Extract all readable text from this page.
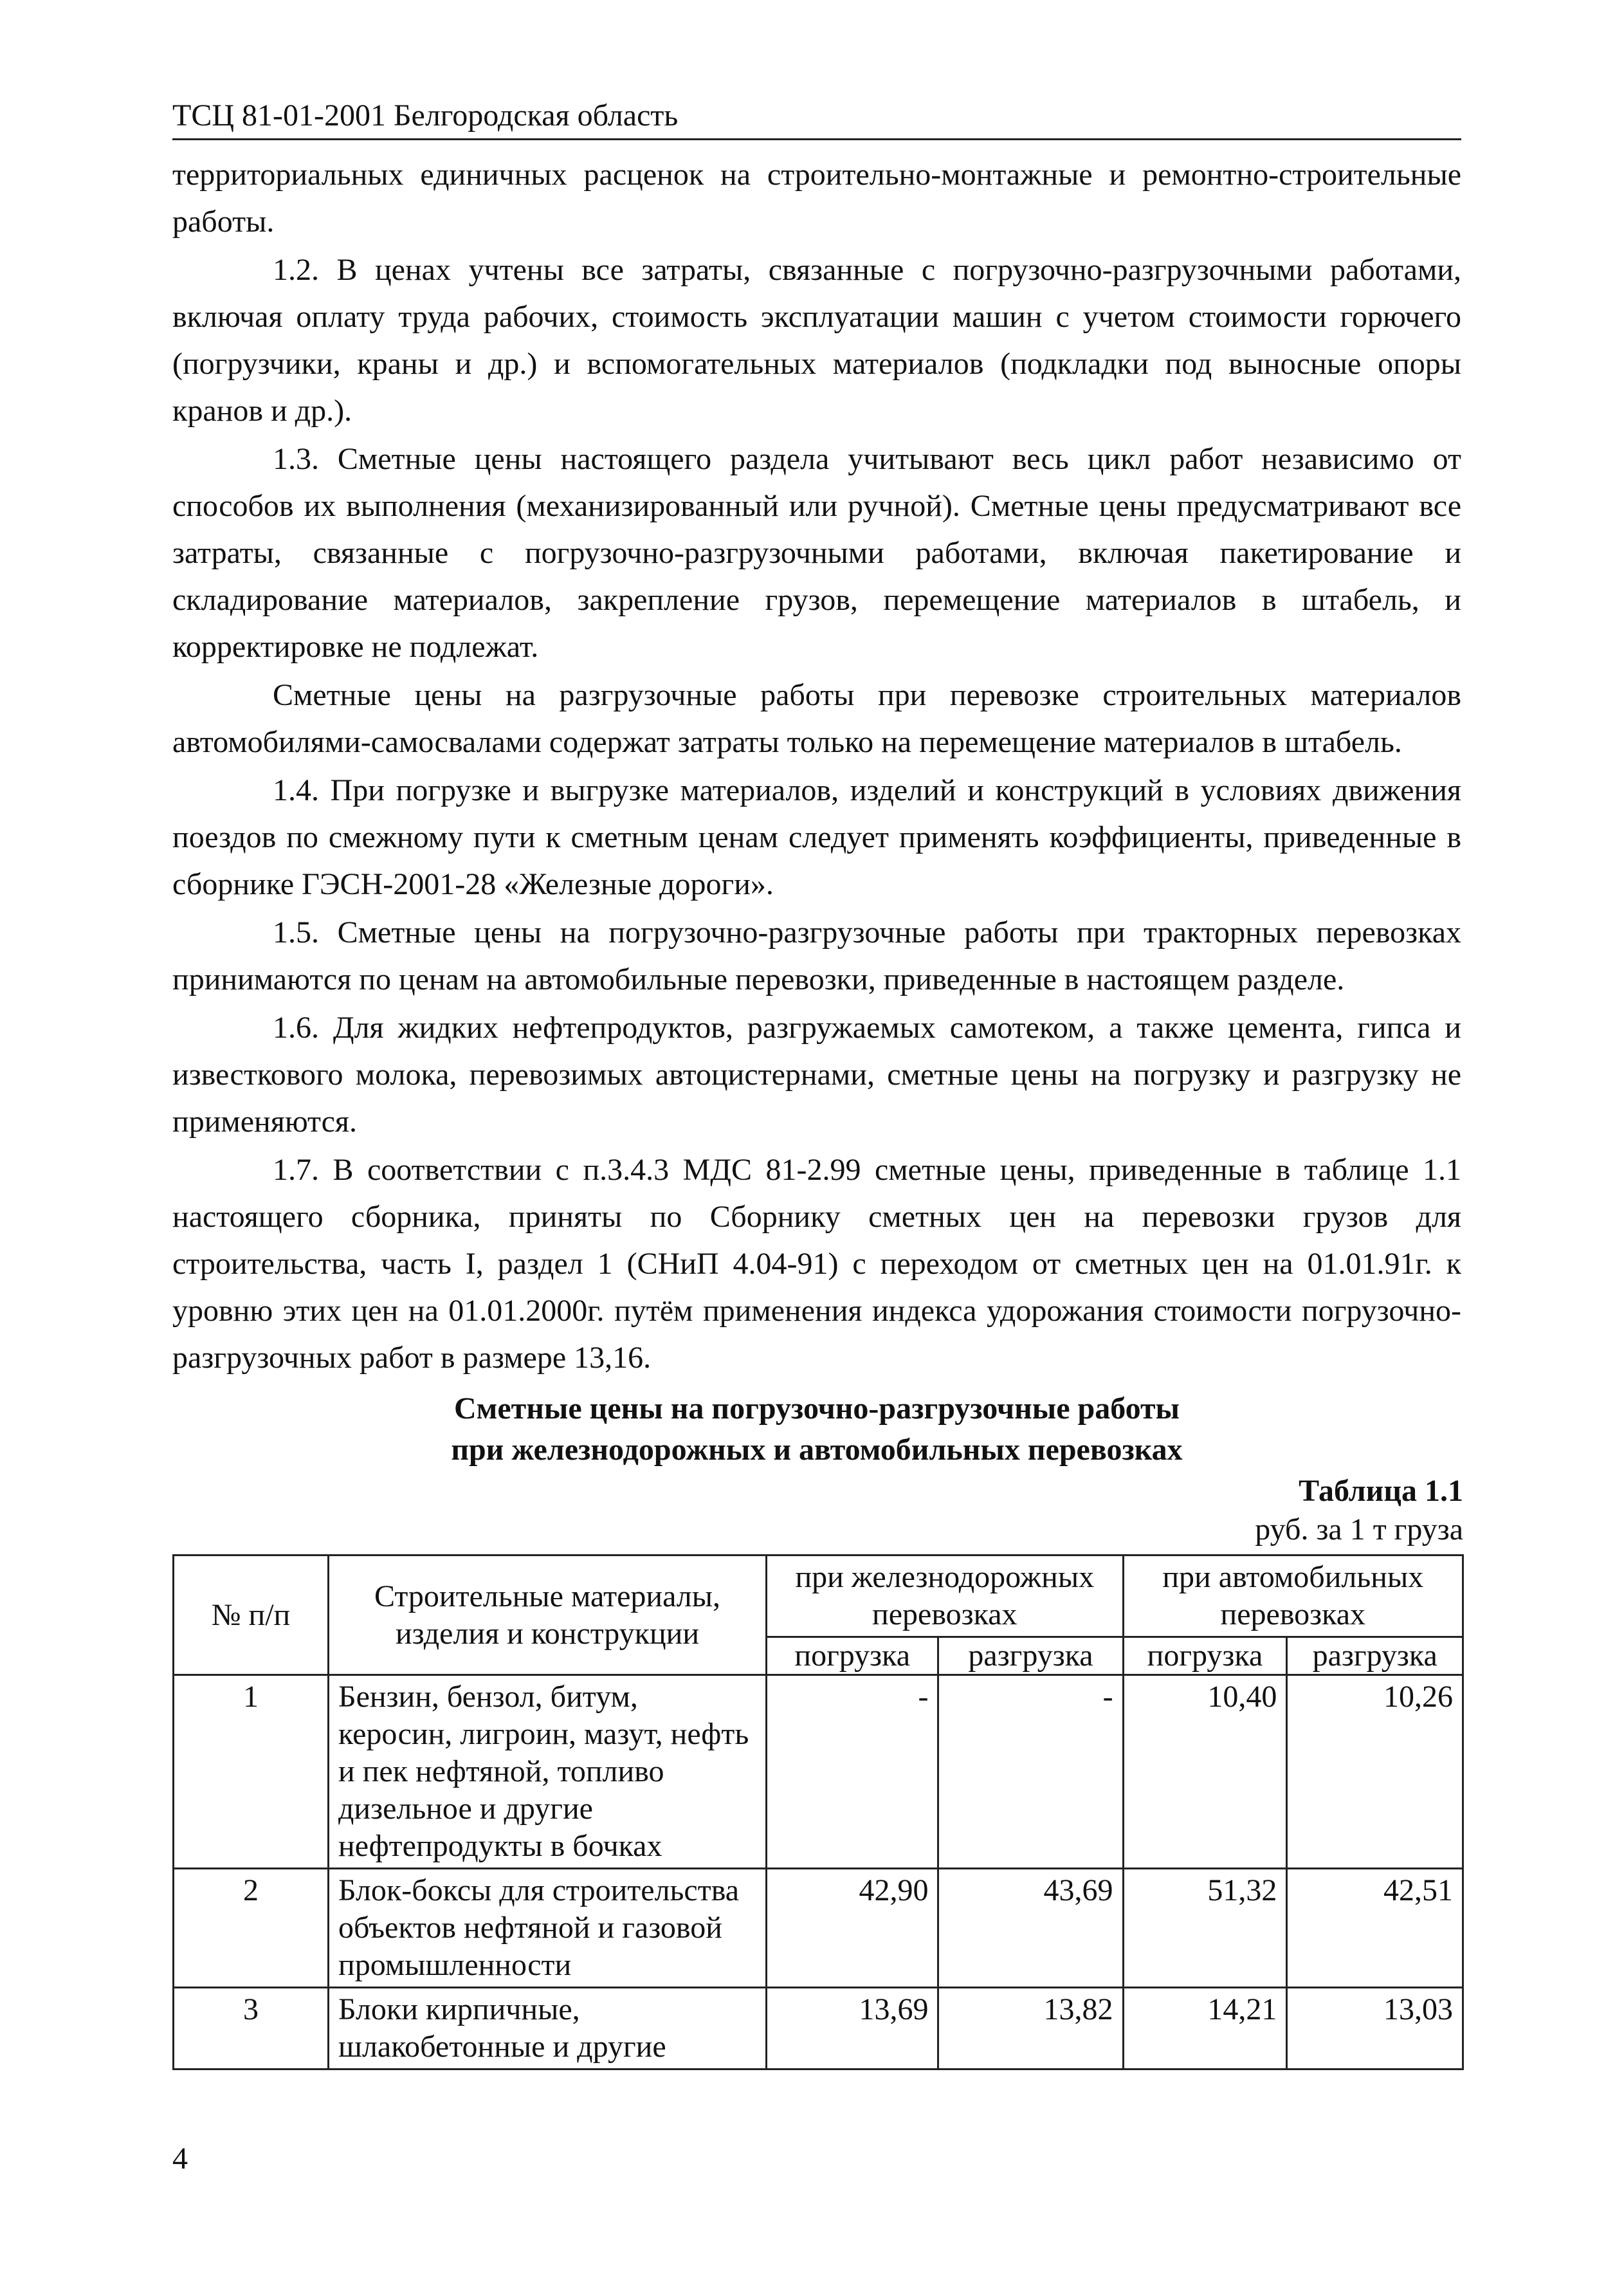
ТСЦ 81-01-2001 Белгородская область

территориальных единичных расценок на строительно-монтажные и ремонтно-строительные работы.

1.2. В ценах учтены все затраты, связанные с погрузочно-разгрузочными работами, включая оплату труда рабочих, стоимость эксплуатации машин с учетом стоимости горючего (погрузчики, краны и др.) и вспомогательных материалов (подкладки под выносные опоры кранов и др.).

1.3. Сметные цены настоящего раздела учитывают весь цикл работ независимо от способов их выполнения (механизированный или ручной). Сметные цены предусматривают все затраты, связанные с погрузочно-разгрузочными работами, включая пакетирование и складирование материалов, закрепление грузов, перемещение материалов в штабель, и корректировке не подлежат.

Сметные цены на разгрузочные работы при перевозке строительных материалов автомобилями-самосвалами содержат затраты только на перемещение материалов в штабель.

1.4. При погрузке и выгрузке материалов, изделий и конструкций в условиях движения поездов по смежному пути к сметным ценам следует применять коэффициенты, приведенные в сборнике ГЭСН-2001-28 «Железные дороги».

1.5. Сметные цены на погрузочно-разгрузочные работы при тракторных перевозках принимаются по ценам на автомобильные перевозки, приведенные в настоящем разделе.

1.6. Для жидких нефтепродуктов, разгружаемых самотеком, а также цемента, гипса и известкового молока, перевозимых автоцистернами, сметные цены на погрузку и разгрузку не применяются.

1.7. В соответствии с п.3.4.3 МДС 81-2.99 сметные цены, приведенные в таблице 1.1 настоящего сборника, приняты по Сборнику сметных цен на перевозки грузов для строительства, часть I, раздел 1 (СНиП 4.04-91) с переходом от сметных цен на 01.01.91г. к уровню этих цен на 01.01.2000г. путём применения индекса удорожания стоимости погрузочно-разгрузочных работ в размере 13,16.

Сметные цены на погрузочно-разгрузочные работы
при железнодорожных и автомобильных перевозках
Таблица 1.1
руб. за 1 т груза
№ п/п	Строительные материалы, изделия и конструкции	при железнодорожных перевозках		при автомобильных перевозках	
		погрузка	разгрузка	погрузка	разгрузка
1	Бензин, бензол, битум, керосин, лигроин, мазут, нефть и пек нефтяной, топливо дизельное и другие нефтепродукты в бочках	-	-	10,40	10,26
2	Блок-боксы для строительства объектов нефтяной и газовой промышленности	42,90	43,69	51,32	42,51
3	Блоки кирпичные, шлакобетонные и другие	13,69	13,82	14,21	13,03
4
